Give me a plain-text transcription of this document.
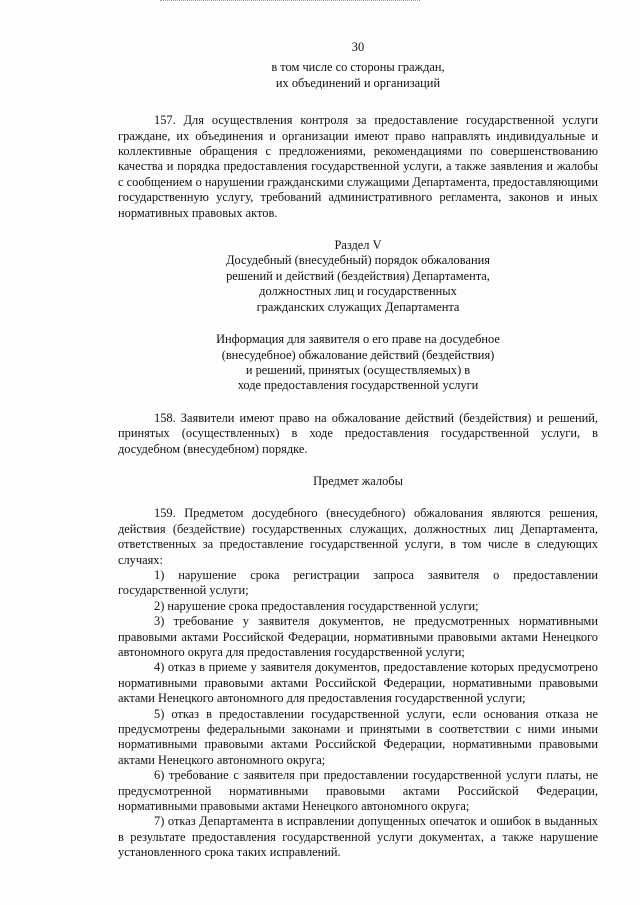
30

в том числе со стороны граждан,

их объединений и организаций

157. Для осуществления контроля за предоставление государственной услуги граждане, их объединения и организации имеют право направлять индивидуальные и коллективные обращения с предложениями, рекомендациями по совершенствованию качества и порядка предоставления государственной услуги, а также заявления и жалобы с сообщением о нарушении гражданскими служащими Департамента, предоставляющими государственную услугу, требований административного регламента, законов и иных нормативных правовых актов.

Раздел V

Досудебный (внесудебный) порядок обжалования

решений и действий (бездействия) Департамента,

должностных лиц и государственных

гражданских служащих Департамента

Информация для заявителя о его праве на досудебное

(внесудебное) обжалование действий (бездействия)

и решений, принятых (осуществляемых) в

ходе предоставления государственной услуги

158. Заявители имеют право на обжалование действий (бездействия) и решений, принятых (осуществленных) в ходе предоставления государственной услуги, в досудебном (внесудебном) порядке.

Предмет жалобы

159. Предметом досудебного (внесудебного) обжалования являются решения, действия (бездействие) государственных служащих, должностных лиц Департамента, ответственных за предоставление государственной услуги, в том числе в следующих случаях:

1) нарушение срока регистрации запроса заявителя о предоставлении государственной услуги;

2) нарушение срока предоставления государственной услуги;

3) требование у заявителя документов, не предусмотренных нормативными правовыми актами Российской Федерации, нормативными правовыми актами Ненецкого автономного округа для предоставления государственной услуги;

4) отказ в приеме у заявителя документов, предоставление которых предусмотрено нормативными правовыми актами Российской Федерации, нормативными правовыми актами Ненецкого автономного для предоставления государственной услуги;

5) отказ в предоставлении государственной услуги, если основания отказа не предусмотрены федеральными законами и принятыми в соответствии с ними иными нормативными правовыми актами Российской Федерации, нормативными правовыми актами Ненецкого автономного округа;

6) требование с заявителя при предоставлении государственной услуги платы, не предусмотренной нормативными правовыми актами Российской Федерации, нормативными правовыми актами Ненецкого автономного округа;

7) отказ Департамента в исправлении допущенных опечаток и ошибок в выданных в результате предоставления государственной услуги документах, а также нарушение установленного срока таких исправлений.
